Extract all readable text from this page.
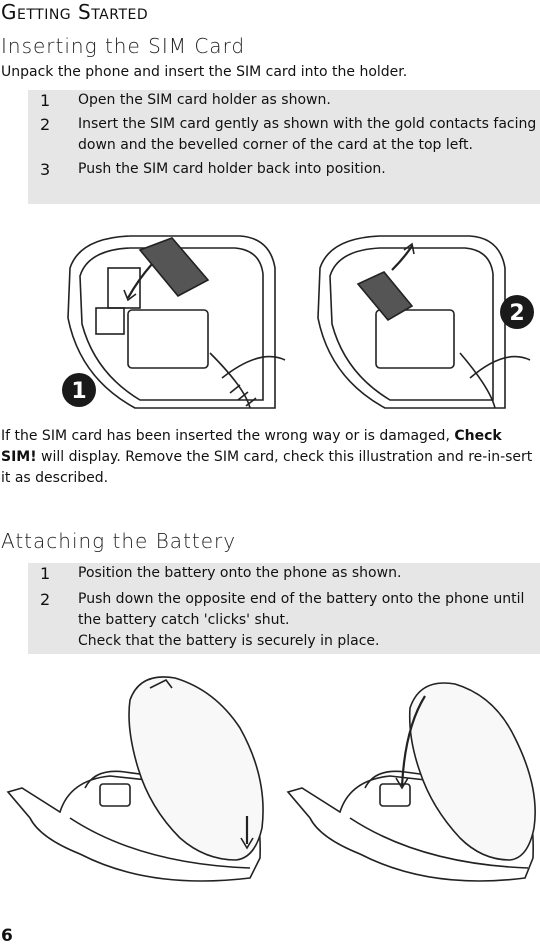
Getting Started
Inserting the SIM Card
Unpack the phone and insert the SIM card into the holder.
1 Open the SIM card holder as shown.
2 Insert the SIM card gently as shown with the gold contacts facing down and the bevelled corner of the card at the top left.
3 Push the SIM card holder back into position.
1
2
If the SIM card has been inserted the wrong way or is damaged, Check SIM! will display. Remove the SIM card, check this illustration and re-in-sert it as described.
Attaching the Battery
1 Position the battery onto the phone as shown.
2 Push down the opposite end of the battery onto the phone until the battery catch 'clicks' shut.
Check that the battery is securely in place.
6
